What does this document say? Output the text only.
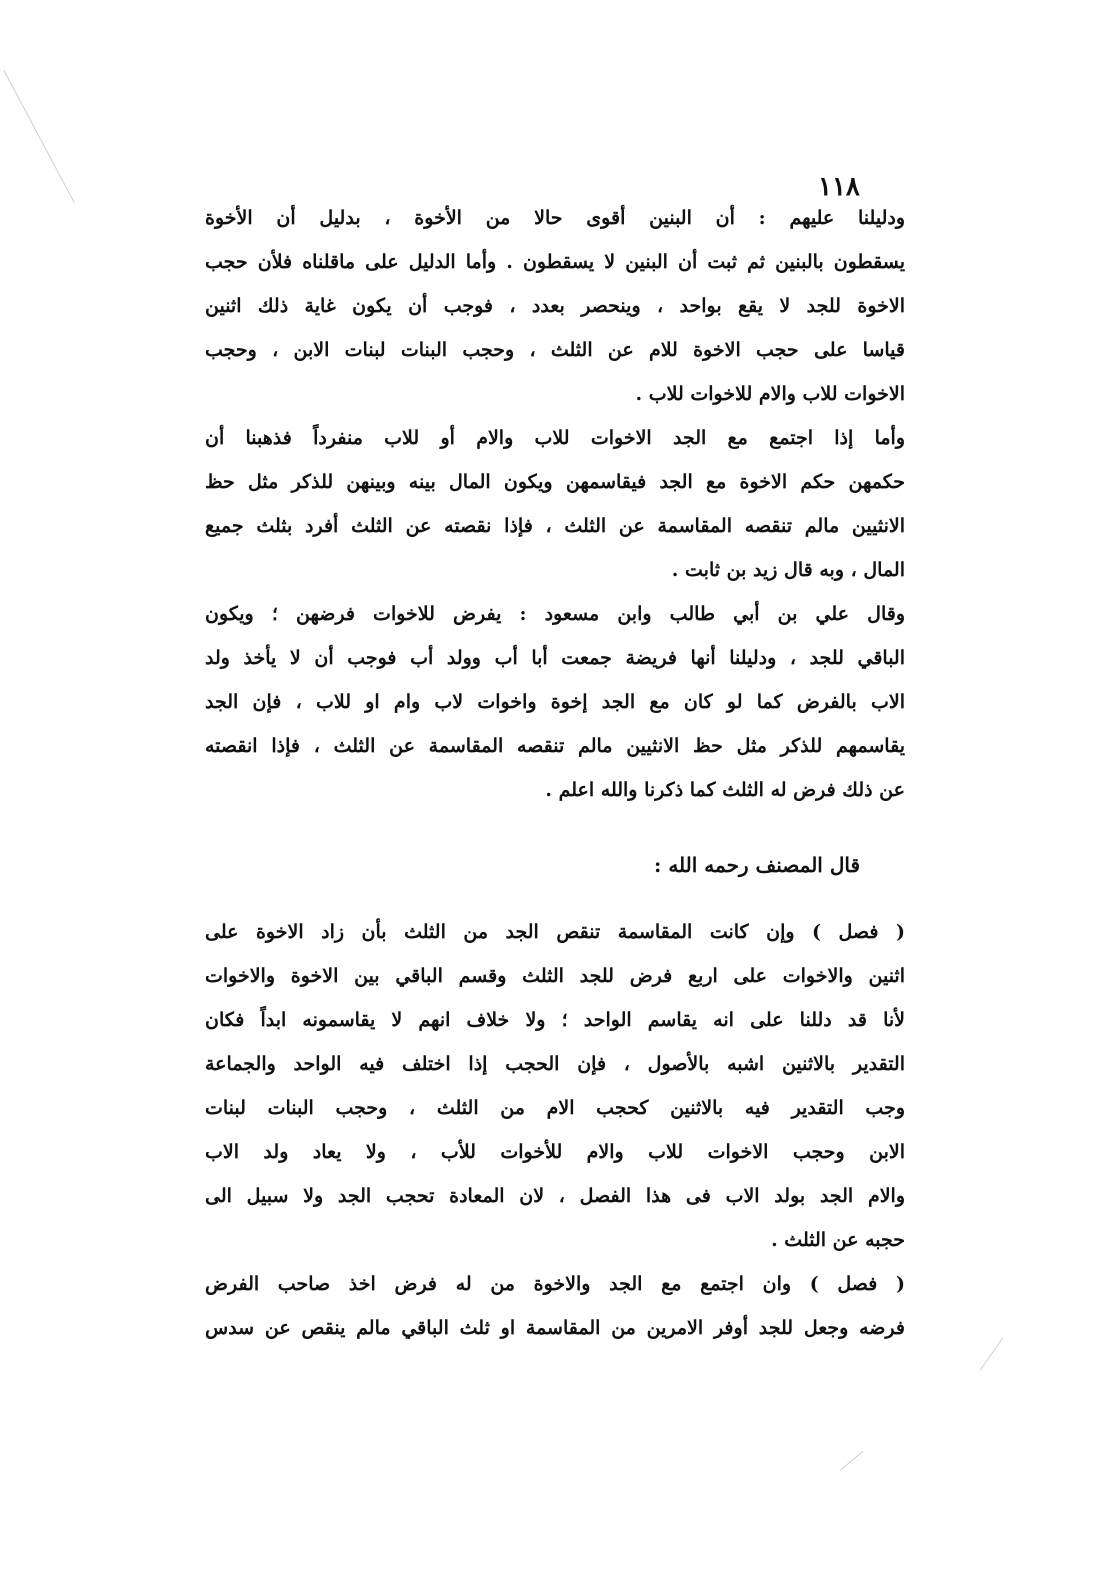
١١٨
ودليلنا عليهم : أن البنين أقوى حالا من الأخوة ، بدليل أن الأخوة
يسقطون بالبنين ثم ثبت أن البنين لا يسقطون . وأما الدليل على ماقلناه فلأن حجب
الاخوة للجد لا يقع بواحد ، وينحصر بعدد ، فوجب أن يكون غاية ذلك اثنين
قياسا على حجب الاخوة للام عن الثلث ، وحجب البنات لبنات الابن ، وحجب
الاخوات للاب والام للاخوات للاب .
وأما إذا اجتمع مع الجد الاخوات للاب والام أو للاب منفرداً فذهبنا أن
حكمهن حكم الاخوة مع الجد فيقاسمهن ويكون المال بينه وبينهن للذكر مثل حظ
الانثيين مالم تنقصه المقاسمة عن الثلث ، فإذا نقصته عن الثلث أفرد بثلث جميع
المال ، وبه قال زيد بن ثابت .
وقال علي بن أبي طالب وابن مسعود : يفرض للاخوات فرضهن ؛ ويكون
الباقي للجد ، ودليلنا أنها فريضة جمعت أبا أب وولد أب فوجب أن لا يأخذ ولد
الاب بالفرض كما لو كان مع الجد إخوة واخوات لاب وام او للاب ، فإن الجد
يقاسمهم للذكر مثل حظ الانثيين مالم تنقصه المقاسمة عن الثلث ، فإذا انقصته
عن ذلك فرض له الثلث كما ذكرنا والله اعلم .
قال المصنف رحمه الله :
( فصل ) وإن كانت المقاسمة تنقص الجد من الثلث بأن زاد الاخوة على
اثنين والاخوات على اربع فرض للجد الثلث وقسم الباقي بين الاخوة والاخوات
لأنا قد دللنا على انه يقاسم الواحد ؛ ولا خلاف انهم لا يقاسمونه ابداً فكان
التقدير بالاثنين اشبه بالأصول ، فإن الحجب إذا اختلف فيه الواحد والجماعة
وجب التقدير فيه بالاثنين كحجب الام من الثلث ، وحجب البنات لبنات
الابن وحجب الاخوات للاب والام للأخوات للأب ، ولا يعاد ولد الاب
والام الجد بولد الاب فى هذا الفصل ، لان المعادة تحجب الجد ولا سبيل الى
حجبه عن الثلث .
( فصل ) وان اجتمع مع الجد والاخوة من له فرض اخذ صاحب الفرض
فرضه وجعل للجد أوفر الامرين من المقاسمة او ثلث الباقي مالم ينقص عن سدس
